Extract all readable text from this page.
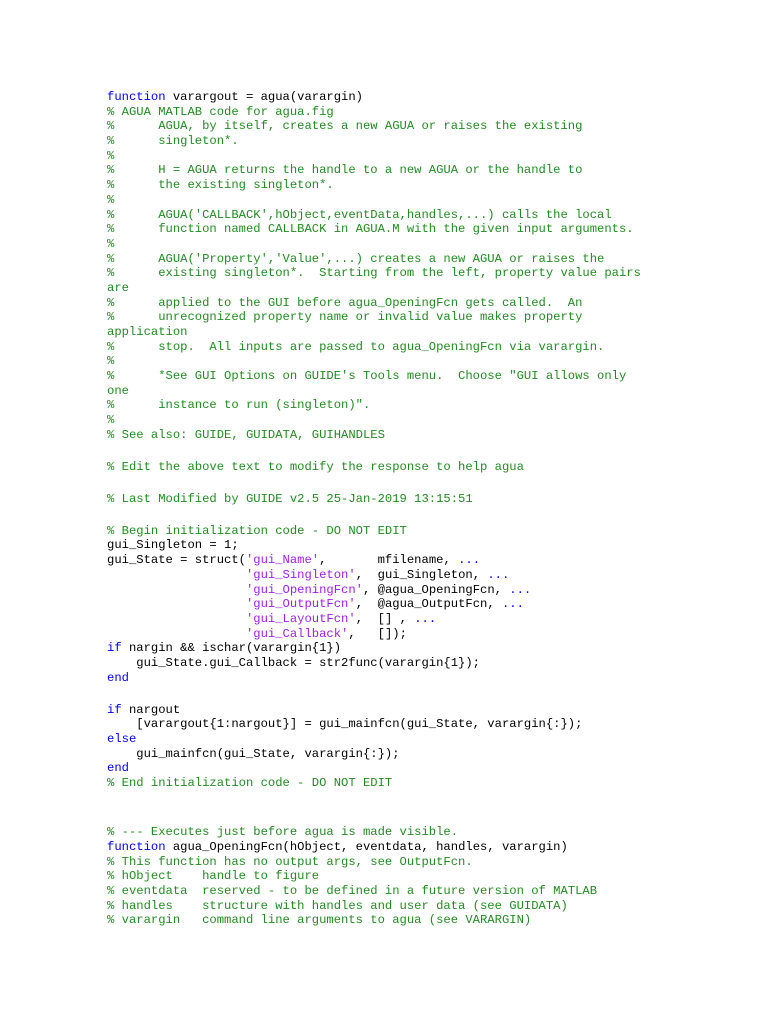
function varargout = agua(varargin)
% AGUA MATLAB code for agua.fig
%      AGUA, by itself, creates a new AGUA or raises the existing
%      singleton*.
%
%      H = AGUA returns the handle to a new AGUA or the handle to
%      the existing singleton*.
%
%      AGUA('CALLBACK',hObject,eventData,handles,...) calls the local
%      function named CALLBACK in AGUA.M with the given input arguments.
%
%      AGUA('Property','Value',...) creates a new AGUA or raises the
%      existing singleton*.  Starting from the left, property value pairs
are
%      applied to the GUI before agua_OpeningFcn gets called.  An
%      unrecognized property name or invalid value makes property
application
%      stop.  All inputs are passed to agua_OpeningFcn via varargin.
%
%      *See GUI Options on GUIDE's Tools menu.  Choose "GUI allows only
one
%      instance to run (singleton)".
%
% See also: GUIDE, GUIDATA, GUIHANDLES
% Edit the above text to modify the response to help agua
% Last Modified by GUIDE v2.5 25-Jan-2019 13:15:51
% Begin initialization code - DO NOT EDIT
gui_Singleton = 1;
gui_State = struct('gui_Name',       mfilename, ...
'gui_Singleton',  gui_Singleton, ...
'gui_OpeningFcn', @agua_OpeningFcn, ...
'gui_OutputFcn',  @agua_OutputFcn, ...
'gui_LayoutFcn',  [] , ...
'gui_Callback',   []);
if nargin && ischar(varargin{1})
gui_State.gui_Callback = str2func(varargin{1});
end
if nargout
[varargout{1:nargout}] = gui_mainfcn(gui_State, varargin{:});
else
gui_mainfcn(gui_State, varargin{:});
end
% End initialization code - DO NOT EDIT
% --- Executes just before agua is made visible.
function agua_OpeningFcn(hObject, eventdata, handles, varargin)
% This function has no output args, see OutputFcn.
% hObject    handle to figure
% eventdata  reserved - to be defined in a future version of MATLAB
% handles    structure with handles and user data (see GUIDATA)
% varargin   command line arguments to agua (see VARARGIN)
